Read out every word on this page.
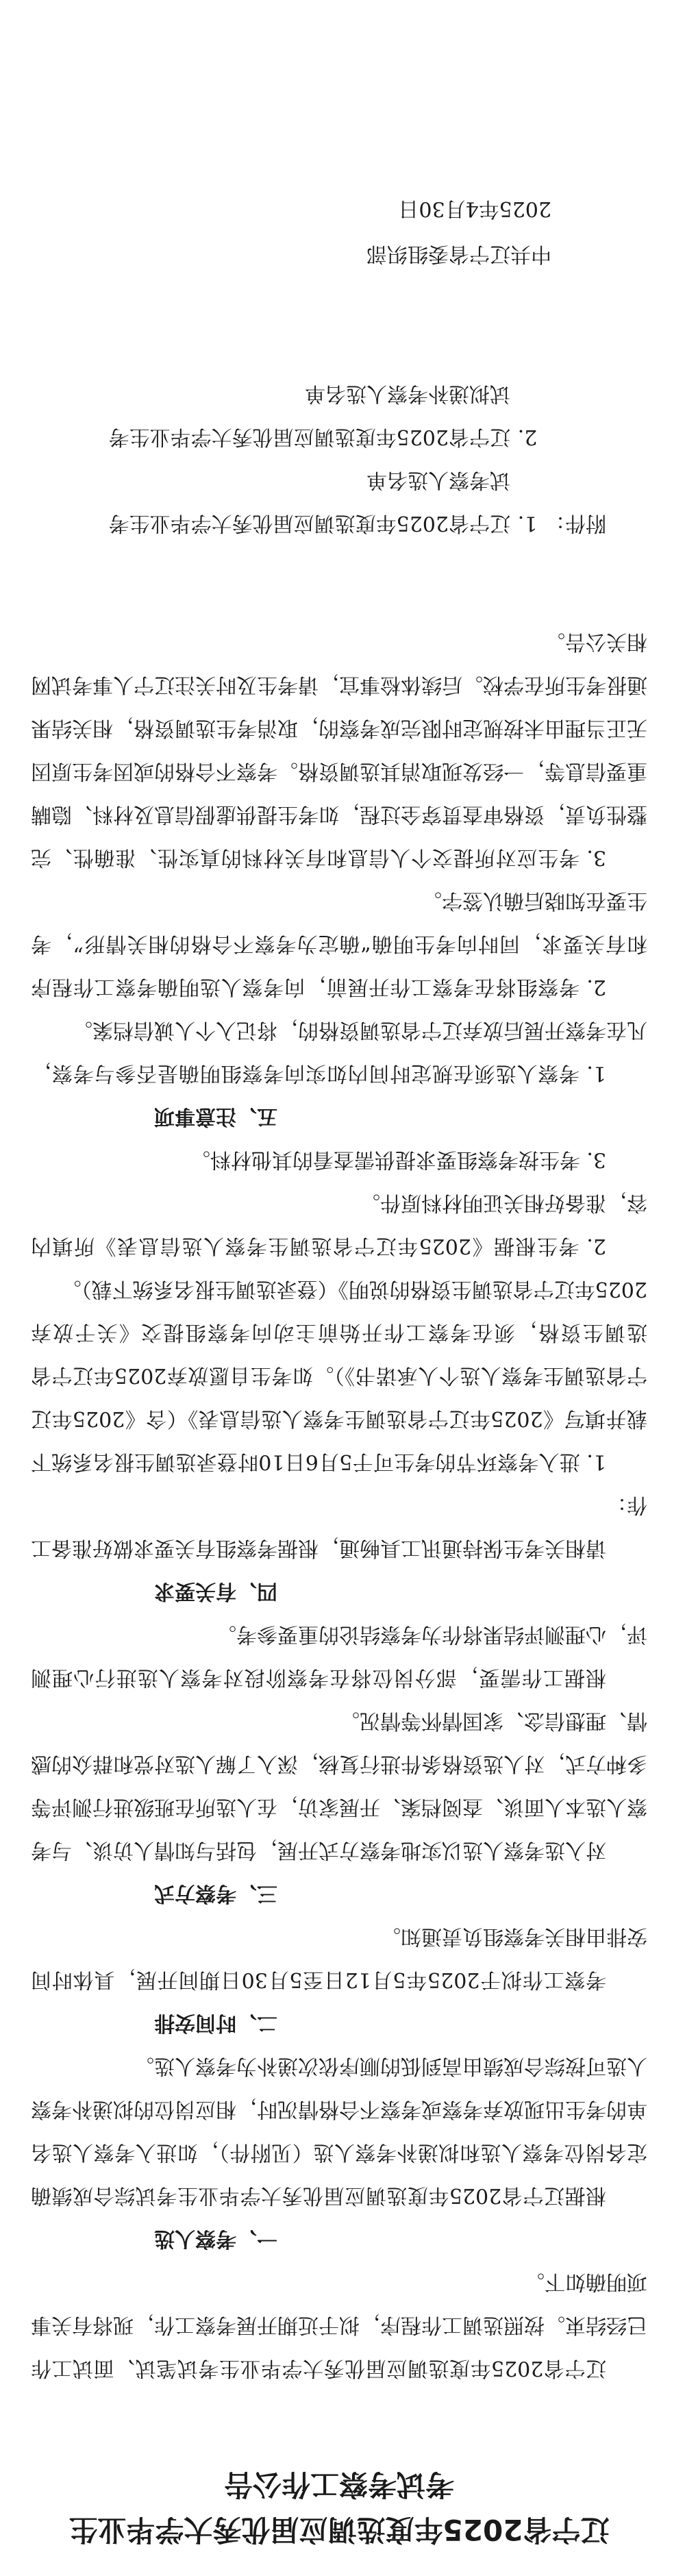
辽宁省2025年度选调应届优秀大学毕业生
考试考察工作公告

辽宁省2025年度选调应届优秀大学毕业生考试笔试、面试工作已经结束。按照选调工作程序，拟于近期开展考察工作，现将有关事项明确如下。

一、考察人选

根据辽宁省2025年度选调应届优秀大学毕业生考试综合成绩确定各岗位考察人选和拟递补考察人选（见附件），如进入考察人选名单的考生出现放弃考察或考察不合格情况时，相应岗位的拟递补考察人选可按综合成绩由高到低的顺序依次递补为考察人选。

二、时间安排

考察工作拟于2025年5月12日至5月30日期间开展，具体时间安排由相关考察组负责通知。

三、考察方式

对入选考察人选以实地考察方式开展，包括与知情人访谈、与考察人选本人面谈、查阅档案、开展家访，在人选所在班级进行测评等多种方式，对人选资格条件进行复核，深入了解人选对党和群众的感情、理想信念、家国情怀等情况。

根据工作需要，部分岗位将在考察阶段对考察人选进行心理测评，心理测评结果将作为考察结论的重要参考。

四、有关要求

请相关考生保持通讯工具畅通，根据考察组有关要求做好准备工作：

1. 进入考察环节的考生可于5月6日10时登录选调生报名系统下载并填写《2025年辽宁省选调生考察人选信息表》（含《2025年辽宁省选调生考察人选个人承诺书》）。如考生自愿放弃2025年辽宁省选调生资格，须在考察工作开始前主动向考察组提交《关于放弃2025年辽宁省选调生资格的说明》（登录选调生报名系统下载）。

2. 考生根据《2025年辽宁省选调生考察人选信息表》所填内容，准备好相关证明材料原件。

3. 考生按考察组要求提供需查看的其他材料。

五、注意事项

1. 考察人选须在规定时间内如实向考察组明确是否参与考察，凡在考察开展后放弃辽宁省选调资格的，将记入个人诚信档案。

2. 考察组将在考察工作开展前，向考察人选明确考察工作程序和有关要求，同时向考生明确“确定为考察不合格的相关情形”，考生要在知晓后确认签字。

3. 考生应对所提交个人信息和有关材料的真实性、准确性、完整性负责，资格审查贯穿全过程，如考生提供虚假信息及材料、隐瞒重要信息等，一经发现取消其选调资格。考察不合格的或因考生原因无正当理由未按规定时限完成考察的，取消考生选调资格，相关结果通报考生所在学校。后续体检事宜，请考生及时关注辽宁人事考试网相关公告。

附件：
1.
辽宁省2025年度选调应届优秀大学毕业生考
试考察人选名单
2.
辽宁省2025年度选调应届优秀大学毕业生考
试拟递补考察人选名单
中共辽宁省委组织部
2025年4月30日
